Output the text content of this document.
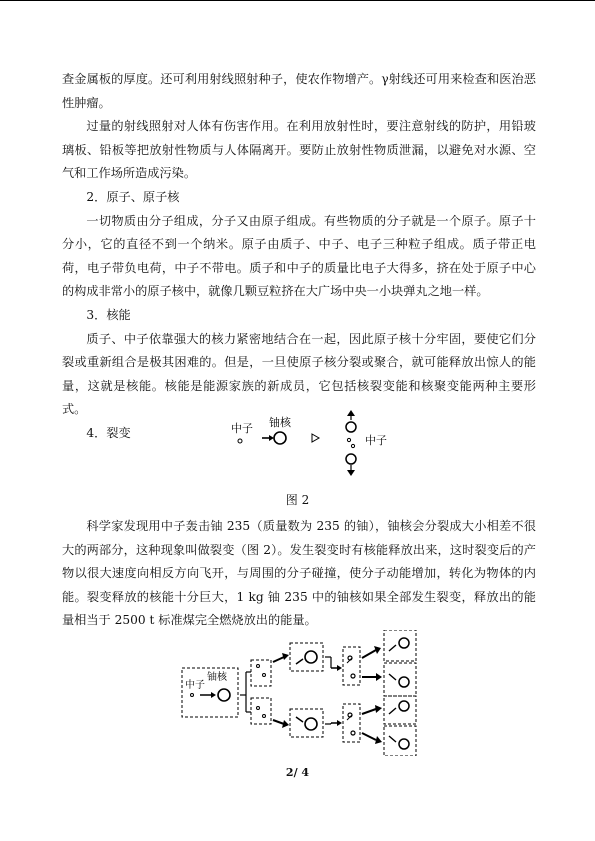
查金属板的厚度。还可利用射线照射种子，使农作物增产。γ射线还可用来检查和医治恶性肿瘤。

过量的射线照射对人体有伤害作用。在利用放射性时，要注意射线的防护，用铅玻璃板、铅板等把放射性物质与人体隔离开。要防止放射性物质泄漏，以避免对水源、空气和工作场所造成污染。

2．原子、原子核

一切物质由分子组成，分子又由原子组成。有些物质的分子就是一个原子。原子十分小，它的直径不到一个纳米。原子由质子、中子、电子三种粒子组成。质子带正电荷，电子带负电荷，中子不带电。质子和中子的质量比电子大得多，挤在处于原子中心的构成非常小的原子核中，就像几颗豆粒挤在大广场中央一小块弹丸之地一样。

3．核能

质子、中子依靠强大的核力紧密地结合在一起，因此原子核十分牢固，要使它们分裂或重新组合是极其困难的。但是，一旦使原子核分裂或聚合，就可能释放出惊人的能量，这就是核能。核能是能源家族的新成员，它包括核裂变能和核聚变能两种主要形式。

4．裂变	中子 铀核
中子
图 2

科学家发现用中子轰击铀 235（质量数为 235 的铀），铀核会分裂成大小相差不很大的两部分，这种现象叫做裂变（图 2）。发生裂变时有核能释放出来，这时裂变后的产物以很大速度向相反方向飞开，与周围的分子碰撞，使分子动能增加，转化为物体的内能。裂变释放的核能十分巨大，1 kg 铀 235 中的铀核如果全部发生裂变，释放出的能量相当于 2500 t 标准煤完全燃烧放出的能量。

中子
铀核
2/ 4
